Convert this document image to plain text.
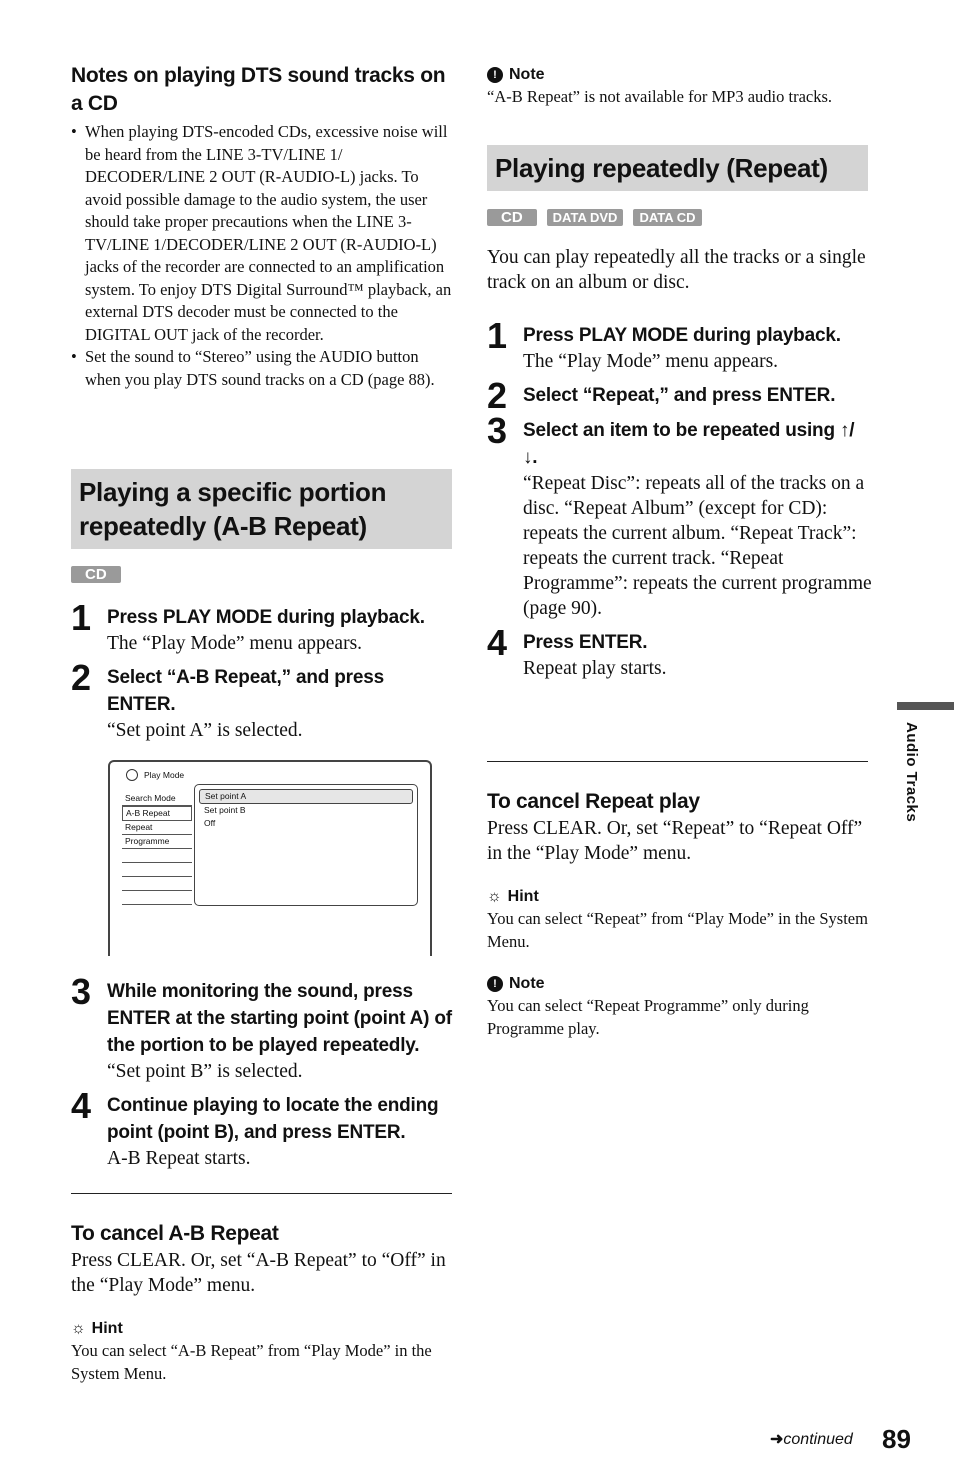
Notes on playing DTS sound tracks on a CD
• When playing DTS-encoded CDs, excessive noise will be heard from the LINE 3-TV/LINE 1/ DECODER/LINE 2 OUT (R-AUDIO-L) jacks. To avoid possible damage to the audio system, the user should take proper precautions when the LINE 3-TV/LINE 1/DECODER/LINE 2 OUT (R-AUDIO-L) jacks of the recorder are connected to an amplification system. To enjoy DTS Digital Surround™ playback, an external DTS decoder must be connected to the DIGITAL OUT jack of the recorder.
• Set the sound to “Stereo” using the AUDIO button when you play DTS sound tracks on a CD (page 88).
Playing a specific portion repeatedly (A-B Repeat)
CD
1 Press PLAY MODE during playback.
The “Play Mode” menu appears.
2 Select “A-B Repeat,” and press ENTER.
“Set point A” is selected.
Play Mode
Search Mode
A-B Repeat
Repeat
Programme
Set point A
Set point B
Off
3 While monitoring the sound, press ENTER at the starting point (point A) of the portion to be played repeatedly.
“Set point B” is selected.
4 Continue playing to locate the ending point (point B), and press ENTER.
A-B Repeat starts.
To cancel A-B Repeat
Press CLEAR. Or, set “A-B Repeat” to “Off” in the “Play Mode” menu.
☼ Hint
You can select “A-B Repeat” from “Play Mode” in the System Menu.
! Note
“A-B Repeat” is not available for MP3 audio tracks.
Playing repeatedly (Repeat)
CD DATA DVD DATA CD
You can play repeatedly all the tracks or a single track on an album or disc.
1 Press PLAY MODE during playback.
The “Play Mode” menu appears.
2 Select “Repeat,” and press ENTER.
3 Select an item to be repeated using ↑/ ↓.
“Repeat Disc”: repeats all of the tracks on a disc. “Repeat Album” (except for CD): repeats the current album. “Repeat Track”: repeats the current track. “Repeat Programme”: repeats the current programme (page 90).
4 Press ENTER.
Repeat play starts.
To cancel Repeat play
Press CLEAR. Or, set “Repeat” to “Repeat Off” in the “Play Mode” menu.
☼ Hint
You can select “Repeat” from “Play Mode” in the System Menu.
! Note
You can select “Repeat Programme” only during Programme play.
Audio Tracks
➜continued 89
